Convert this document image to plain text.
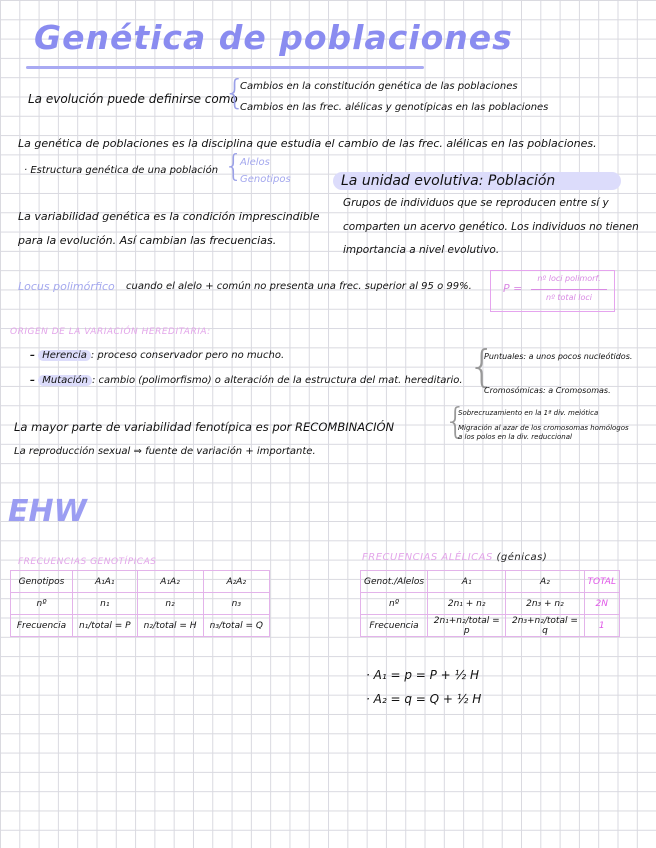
Genética de poblaciones
La evolución puede definirse como
{
Cambios en la constitución genética de las poblaciones
Cambios en las frec. alélicas y genotípicas en las poblaciones
La genética de poblaciones es la disciplina que estudia el cambio de las frec. alélicas en las poblaciones.
· Estructura genética de una población {
Alelos
Genotipos	La unidad evolutiva: Población
Grupos de individuos que se reproducen entre sí y
comparten un acervo genético. Los individuos no tienen
importancia a nivel evolutivo.
La variabilidad genética es la condición imprescindible
para la evolución. Así cambian las frecuencias.
Locus polimórfico cuando el alelo + común no presenta una frec. superior al 95 o 99%.	P =
nº loci polimorf.
nº total loci
ORIGEN DE LA VARIACIÓN HEREDITARIA:
– Herencia : proceso conservador pero no mucho.
– Mutación : cambio (polimorfismo) o alteración de la estructura del mat. hereditario. {
Puntuales: a unos pocos nucleótidos.
Cromosómicas: a Cromosomas.
La mayor parte de variabilidad fenotípica es por RECOMBINACIÓN {
Sobrecruzamiento en la 1ª div. meiótica
Migración al azar de los cromosomas homólogos
a los polos en la div. reduccional
La reproducción sexual ⇒ fuente de variación + importante.
EHW
FRECUENCIAS GENOTÍPICAS
Genotipos	A₁A₁	A₁A₂	A₂A₂
nº	n₁	n₂	n₃
Frecuencia	n₁/total = P	n₂/total = H	n₃/total = Q
FRECUENCIAS ALÉLICAS (génicas)
Genot./Alelos	A₁	A₂	TOTAL
nº	2n₁ + n₂	2n₃ + n₂	2N
Frecuencia	2n₁+n₂/total = p	2n₃+n₂/total = q	1
· A₁ = p = P + ½ H
· A₂ = q = Q + ½ H
